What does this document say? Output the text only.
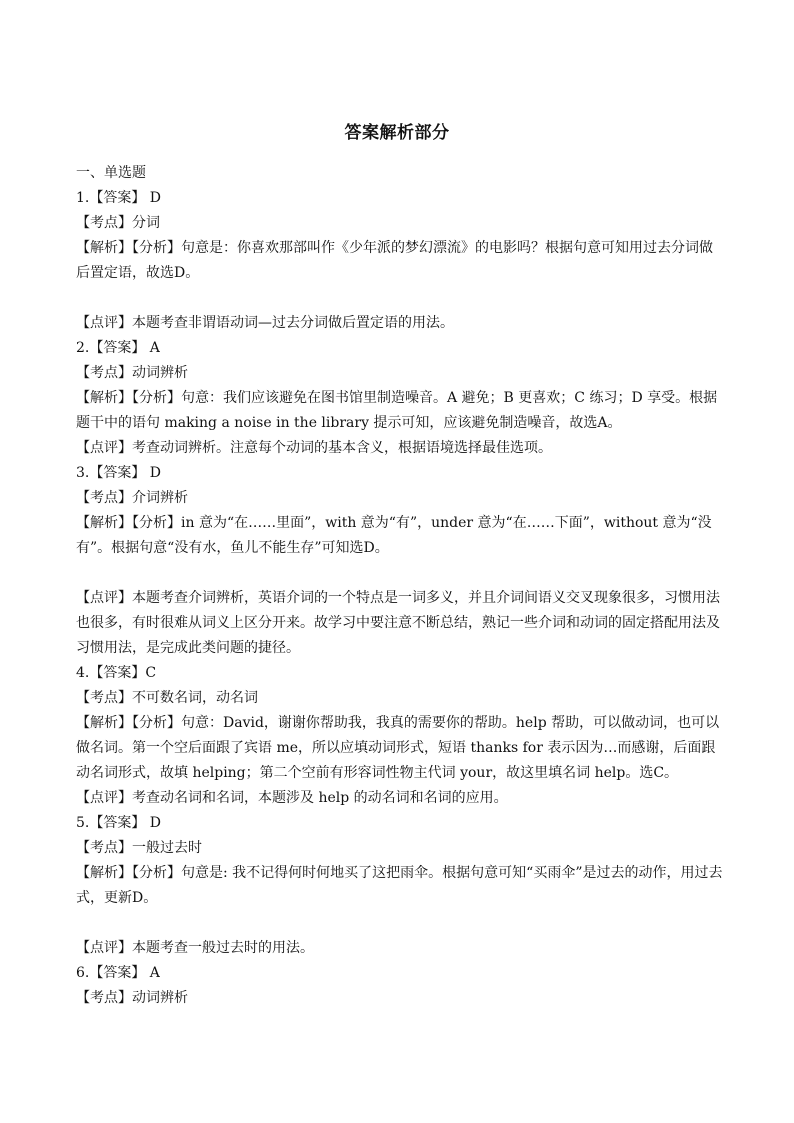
答案解析部分

一、单选题

1.【答案】 D

【考点】分词

【解析】【分析】句意是：你喜欢那部叫作《少年派的梦幻漂流》的电影吗？根据句意可知用过去分词做后置定语，故选D。

【点评】本题考查非谓语动词—过去分词做后置定语的用法。

2.【答案】 A

【考点】动词辨析

【解析】【分析】句意：我们应该避免在图书馆里制造噪音。A 避免；B 更喜欢；C 练习；D 享受。根据题干中的语句 making a noise in the library 提示可知，应该避免制造噪音，故选A。

【点评】考查动词辨析。注意每个动词的基本含义，根据语境选择最佳选项。

3.【答案】 D

【考点】介词辨析

【解析】【分析】in 意为“在……里面”，with 意为“有”，under 意为“在……下面”，without 意为“没有”。根据句意“没有水，鱼儿不能生存”可知选D。

【点评】本题考查介词辨析，英语介词的一个特点是一词多义，并且介词间语义交叉现象很多，习惯用法也很多，有时很难从词义上区分开来。故学习中要注意不断总结，熟记一些介词和动词的固定搭配用法及习惯用法，是完成此类问题的捷径。

4.【答案】C

【考点】不可数名词，动名词

【解析】【分析】句意：David，谢谢你帮助我，我真的需要你的帮助。help 帮助，可以做动词，也可以做名词。第一个空后面跟了宾语 me，所以应填动词形式，短语 thanks for 表示因为…而感谢，后面跟动名词形式，故填 helping；第二个空前有形容词性物主代词 your，故这里填名词 help。选C。

【点评】考查动名词和名词，本题涉及 help 的动名词和名词的应用。

5.【答案】 D

【考点】一般过去时

【解析】【分析】句意是: 我不记得何时何地买了这把雨伞。根据句意可知“买雨伞”是过去的动作，用过去式，更新D。

【点评】本题考查一般过去时的用法。

6.【答案】 A

【考点】动词辨析
